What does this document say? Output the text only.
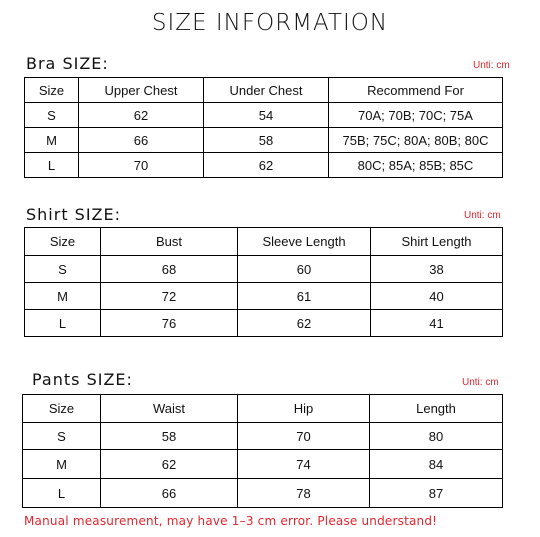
SIZE INFORMATION
Bra SIZE:	Unti: cm
Size	Upper Chest	Under Chest	Recommend For
S	62	54	70A; 70B; 70C; 75A
M	66	58	75B; 75C; 80A; 80B; 80C
L	70	62	80C; 85A; 85B; 85C
Shirt SIZE:	Unti: cm
Size	Bust	Sleeve Length	Shirt Length
S	68	60	38
M	72	61	40
L	76	62	41
Pants SIZE:	Unti: cm
Size	Waist	Hip	Length
S	58	70	80
M	62	74	84
L	66	78	87
Manual measurement, may have 1–3 cm error. Please understand!
